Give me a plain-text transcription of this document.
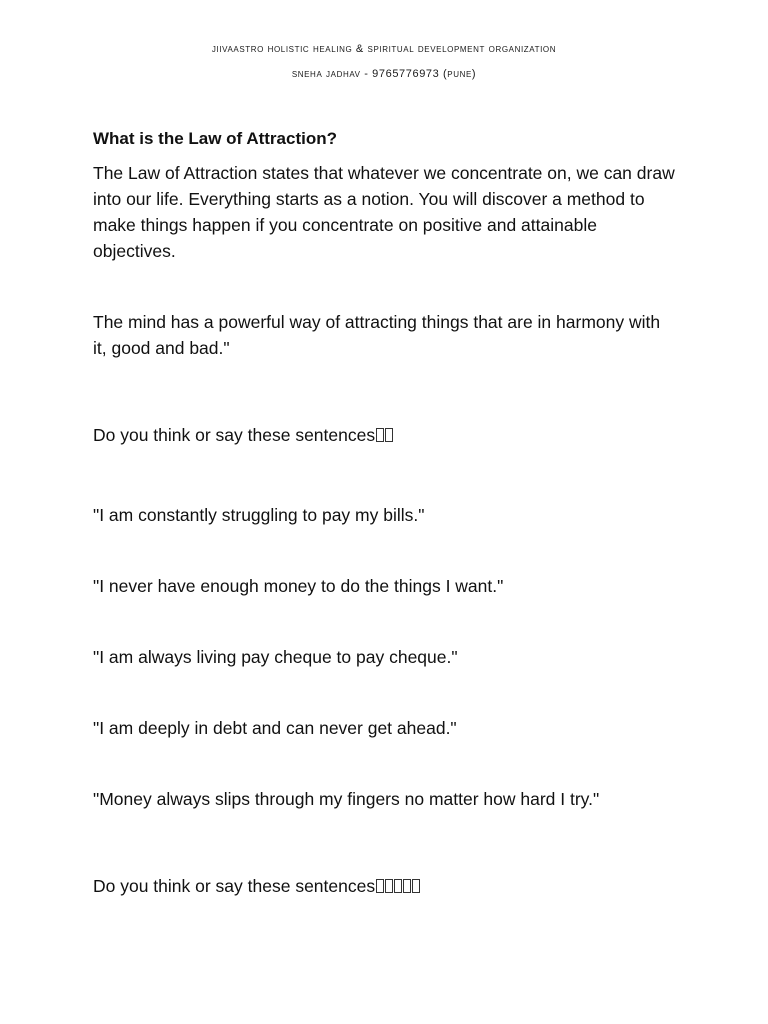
jiivaastro holistic healing & spiritual development organization
sneha jadhav - 9765776973 (pune)
What is the Law of Attraction?
The Law of Attraction states that whatever we concentrate on, we can draw into our life. Everything starts as a notion. You will discover a method to make things happen if you concentrate on positive and attainable objectives.
The mind has a powerful way of attracting things that are in harmony with it, good and bad."
Do you think or say these sentences
"I am constantly struggling to pay my bills."
"I never have enough money to do the things I want."
"I am always living pay cheque to pay cheque."
"I am deeply in debt and can never get ahead."
"Money always slips through my fingers no matter how hard I try."
Do you think or say these sentences
